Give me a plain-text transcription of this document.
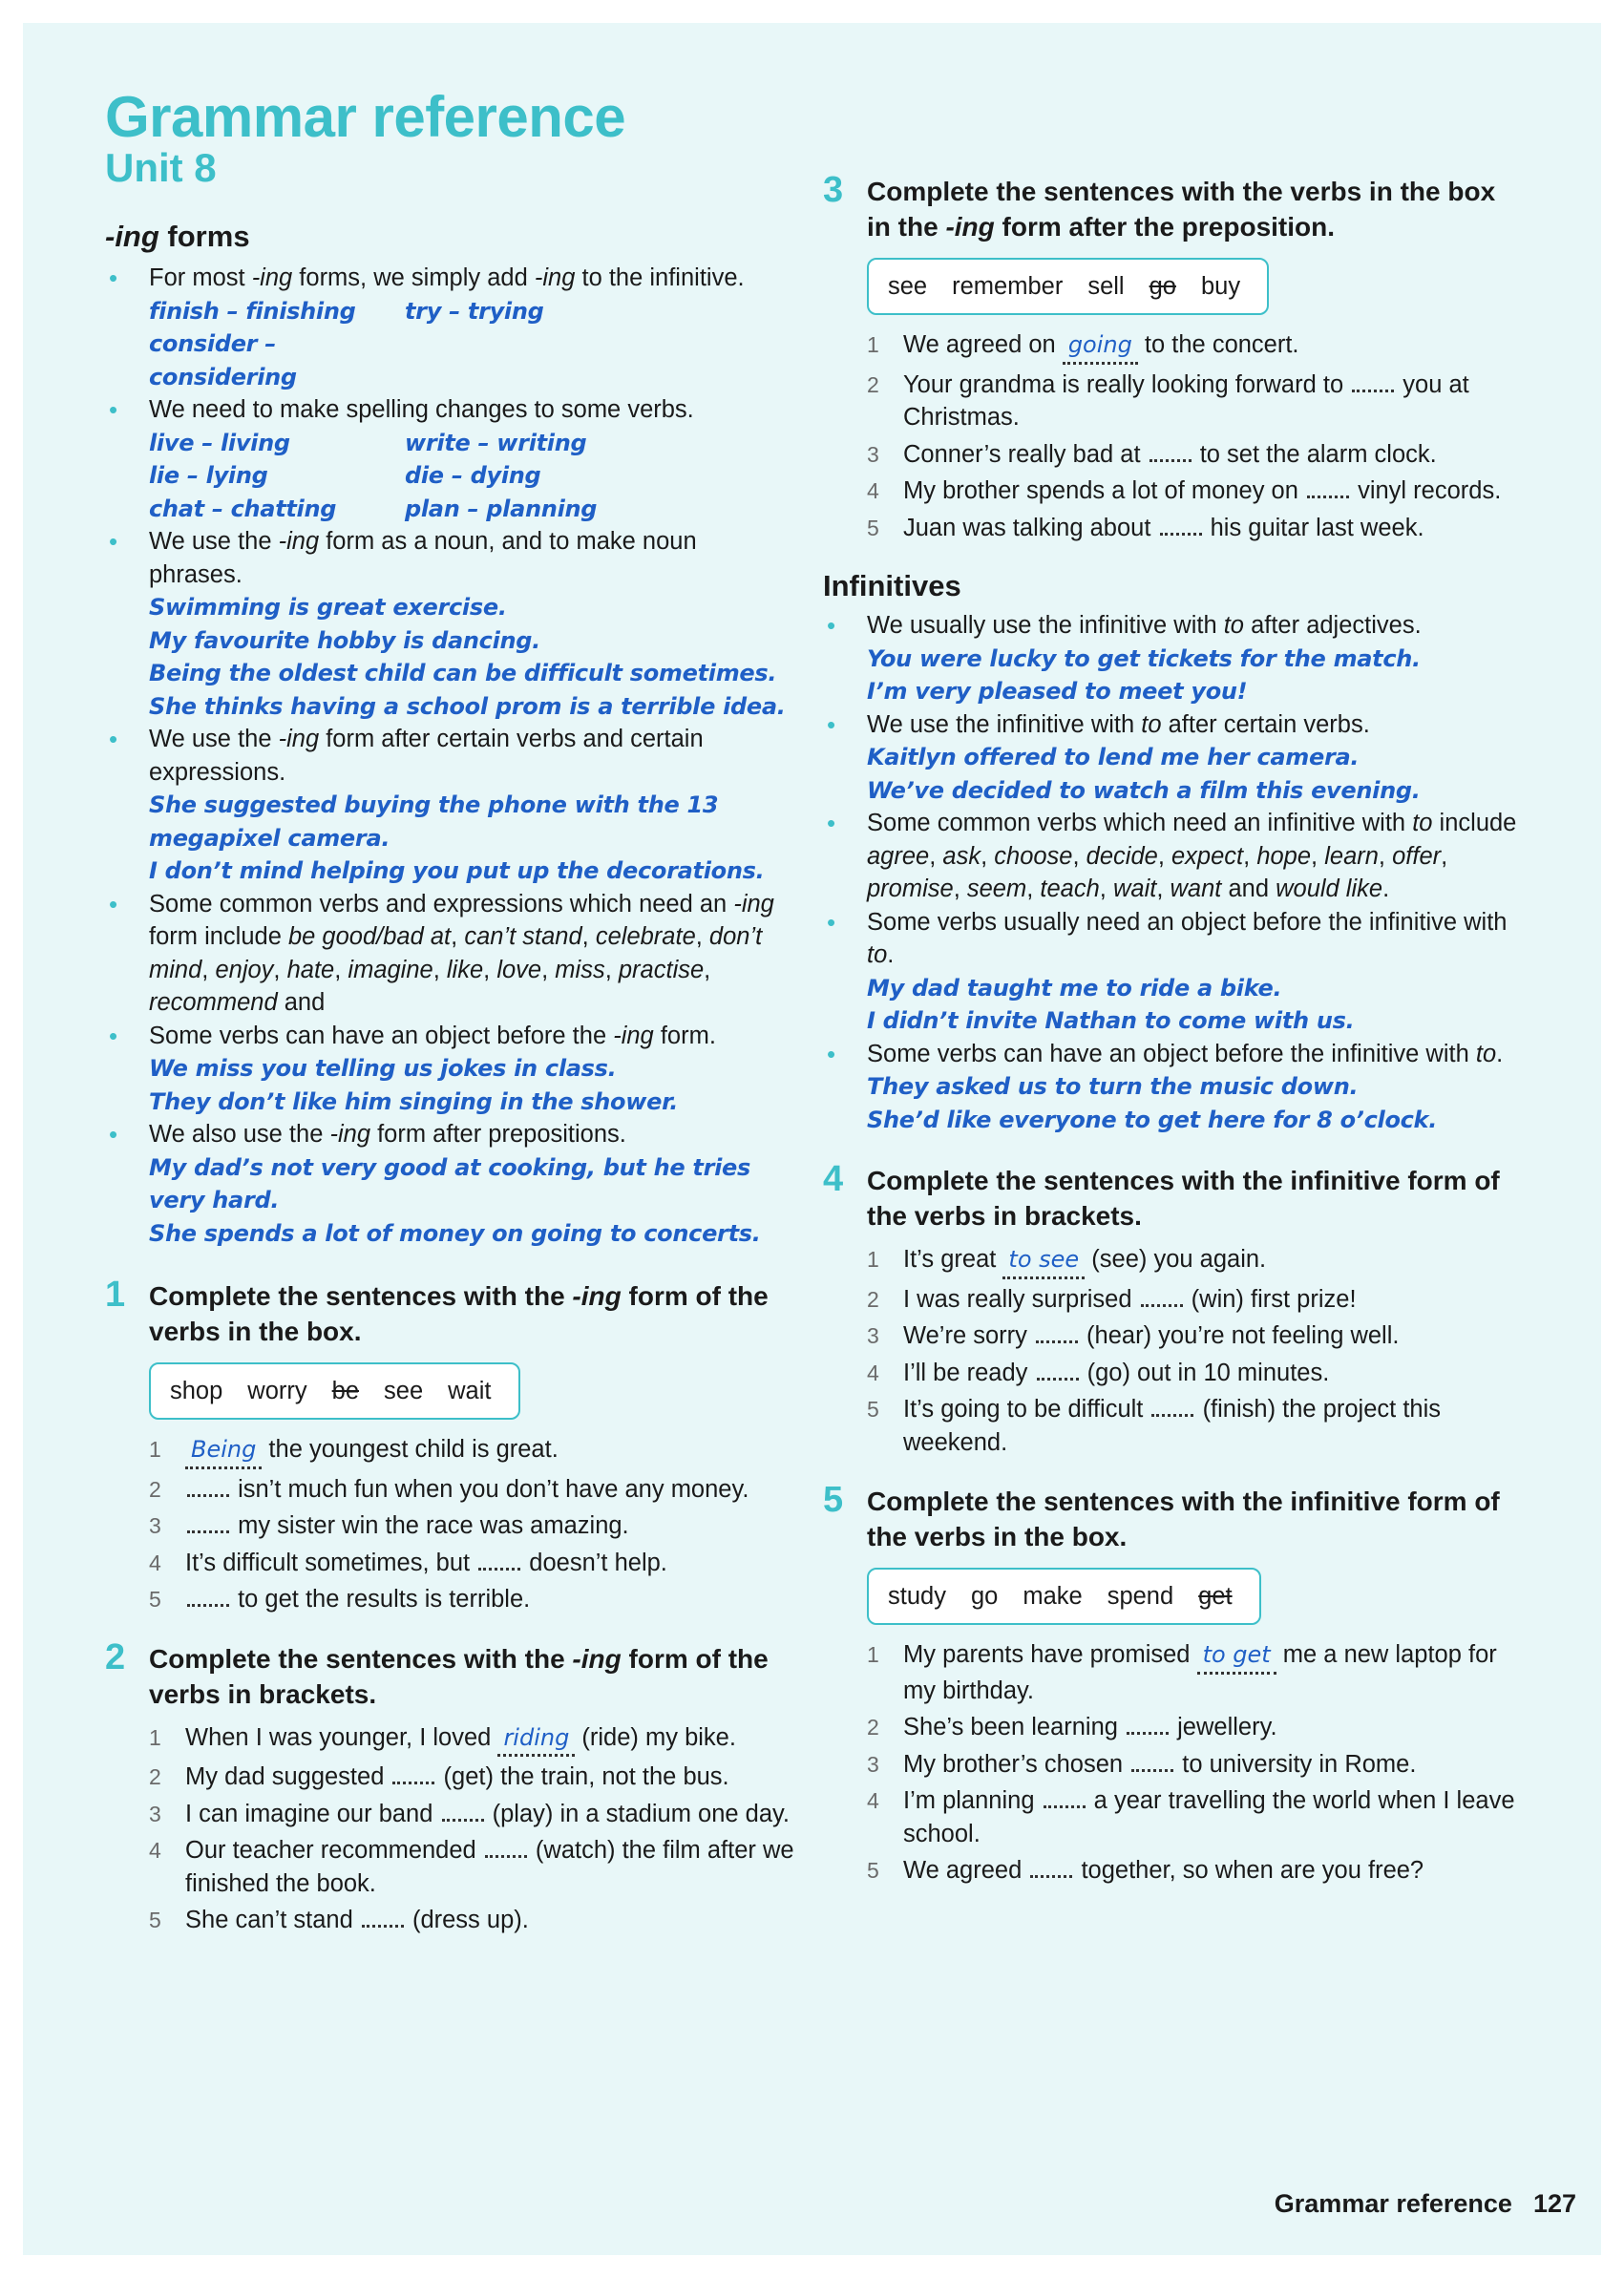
Grammar reference
Unit 8
-ing forms
• For most -ing forms, we simply add -ing to the infinitive.
finish – finishing	try – trying
consider – considering
• We need to make spelling changes to some verbs.
live – living	write – writing
lie – lying	die – dying
chat – chatting	plan – planning
• We use the -ing form as a noun, and to make noun phrases.
Swimming is great exercise.
My favourite hobby is dancing.
Being the oldest child can be difficult sometimes.
She thinks having a school prom is a terrible idea.
• We use the -ing form after certain verbs and certain expressions.
She suggested buying the phone with the 13 megapixel camera.
I don’t mind helping you put up the decorations.
• Some common verbs and expressions which need an -ing form include be good/bad at, can’t stand, celebrate, don’t mind, enjoy, hate, imagine, like, love, miss, practise, recommend and
• Some verbs can have an object before the -ing form.
We miss you telling us jokes in class.
They don’t like him singing in the shower.
• We also use the -ing form after prepositions.
My dad’s not very good at cooking, but he tries very hard.
She spends a lot of money on going to concerts.
1 Complete the sentences with the -ing form of the verbs in the box.

shop worry be see wait
1 Being the youngest child is great.
2	isn’t much fun when you don’t have any money.
3	my sister win the race was amazing.
4 It’s difficult sometimes, but  doesn’t help.
5	to get the results is terrible.
2 Complete the sentences with the -ing form of the verbs in brackets.

1 When I was younger, I loved riding (ride) my bike.
2 My dad suggested  (get) the train, not the bus.
3 I can imagine our band  (play) in a stadium one day.
4 Our teacher recommended  (watch) the film after we finished the book.
5 She can’t stand  (dress up).
3 Complete the sentences with the verbs in the box in the -ing form after the preposition.

see remember sell go buy
1 We agreed on going to the concert.
2 Your grandma is really looking forward to  you at Christmas.
3 Conner’s really bad at  to set the alarm clock.
4 My brother spends a lot of money on  vinyl records.
5 Juan was talking about  his guitar last week.
Infinitives
• We usually use the infinitive with to after adjectives.
You were lucky to get tickets for the match.
I’m very pleased to meet you!
• We use the infinitive with to after certain verbs.
Kaitlyn offered to lend me her camera.
We’ve decided to watch a film this evening.
• Some common verbs which need an infinitive with to include agree, ask, choose, decide, expect, hope, learn, offer, promise, seem, teach, wait, want and would like.
• Some verbs usually need an object before the infinitive with to.
My dad taught me to ride a bike.
I didn’t invite Nathan to come with us.
• Some verbs can have an object before the infinitive with to.
They asked us to turn the music down.
She’d like everyone to get here for 8 o’clock.
4 Complete the sentences with the infinitive form of the verbs in brackets.

1 It’s great to see (see) you again.
2 I was really surprised  (win) first prize!
3 We’re sorry  (hear) you’re not feeling well.
4 I’ll be ready  (go) out in 10 minutes.
5 It’s going to be difficult  (finish) the project this weekend.
5 Complete the sentences with the infinitive form of the verbs in the box.

study go make spend get
1 My parents have promised to get me a new laptop for my birthday.
2 She’s been learning  jewellery.
3 My brother’s chosen  to university in Rome.
4 I’m planning  a year travelling the world when I leave school.
5 We agreed  together, so when are you free?
Grammar reference 127
